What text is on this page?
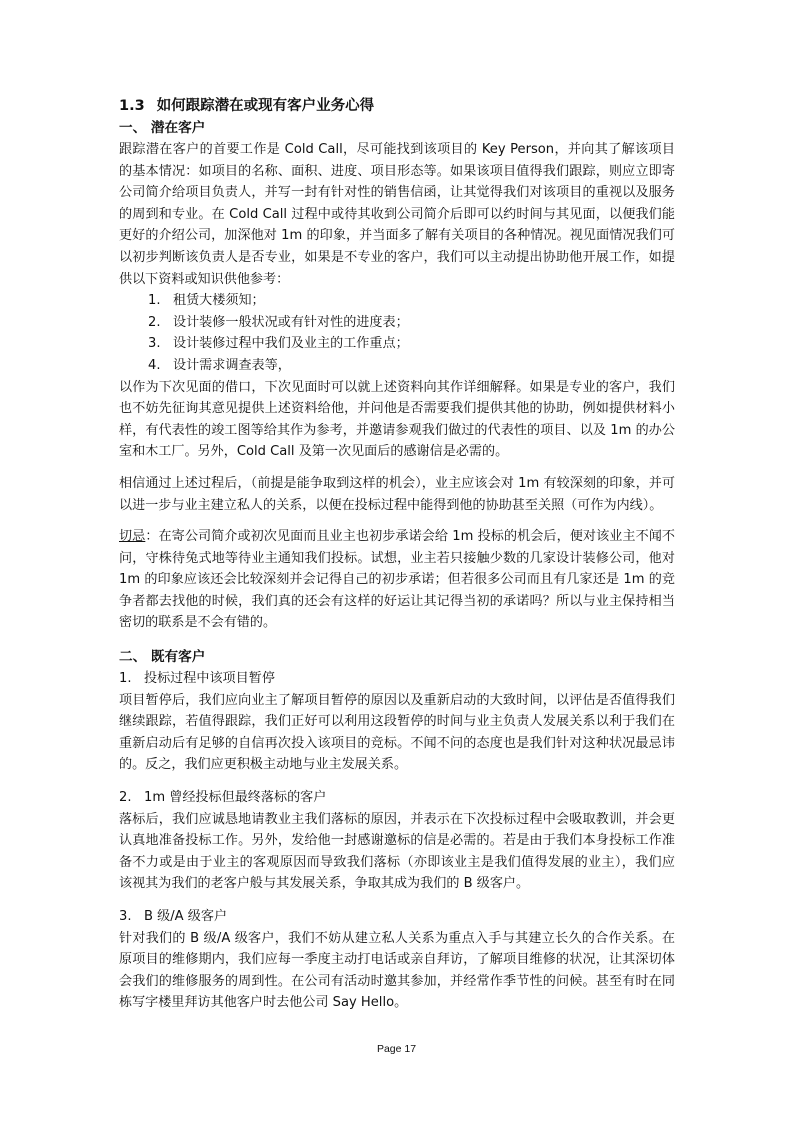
1.3 如何跟踪潜在或现有客户业务心得
一、 潜在客户

跟踪潜在客户的首要工作是 Cold Call，尽可能找到该项目的 Key Person，并向其了解该项目的基本情况：如项目的名称、面积、进度、项目形态等。如果该项目值得我们跟踪，则应立即寄公司简介给项目负责人，并写一封有针对性的销售信函，让其觉得我们对该项目的重视以及服务的周到和专业。在 Cold Call 过程中或待其收到公司简介后即可以约时间与其见面，以便我们能更好的介绍公司，加深他对 1m 的印象，并当面多了解有关项目的各种情况。视见面情况我们可以初步判断该负责人是否专业，如果是不专业的客户，我们可以主动提出协助他开展工作，如提供以下资料或知识供他参考：

1. 租赁大楼须知；
2. 设计装修一般状况或有针对性的进度表；
3. 设计装修过程中我们及业主的工作重点；
4. 设计需求调查表等，

以作为下次见面的借口，下次见面时可以就上述资料向其作详细解释。如果是专业的客户，我们也不妨先征询其意见提供上述资料给他，并问他是否需要我们提供其他的协助，例如提供材料小样，有代表性的竣工图等给其作为参考，并邀请参观我们做过的代表性的项目、以及 1m 的办公室和木工厂。另外，Cold Call 及第一次见面后的感谢信是必需的。

相信通过上述过程后，（前提是能争取到这样的机会），业主应该会对 1m 有较深刻的印象，并可以进一步与业主建立私人的关系，以便在投标过程中能得到他的协助甚至关照（可作为内线）。

切忌：在寄公司简介或初次见面而且业主也初步承诺会给 1m 投标的机会后，便对该业主不闻不问，守株待兔式地等待业主通知我们投标。试想，业主若只接触少数的几家设计装修公司，他对 1m 的印象应该还会比较深刻并会记得自己的初步承诺；但若很多公司而且有几家还是 1m 的竞争者都去找他的时候，我们真的还会有这样的好运让其记得当初的承诺吗？所以与业主保持相当密切的联系是不会有错的。

二、 既有客户

1. 投标过程中该项目暂停

项目暂停后，我们应向业主了解项目暂停的原因以及重新启动的大致时间，以评估是否值得我们继续跟踪，若值得跟踪，我们正好可以利用这段暂停的时间与业主负责人发展关系以利于我们在重新启动后有足够的自信再次投入该项目的竞标。不闻不问的态度也是我们针对这种状况最忌讳的。反之，我们应更积极主动地与业主发展关系。

2. 1m 曾经投标但最终落标的客户

落标后，我们应诚恳地请教业主我们落标的原因，并表示在下次投标过程中会吸取教训，并会更认真地准备投标工作。另外，发给他一封感谢邀标的信是必需的。若是由于我们本身投标工作准备不力或是由于业主的客观原因而导致我们落标（亦即该业主是我们值得发展的业主），我们应该视其为我们的老客户般与其发展关系，争取其成为我们的 B 级客户。

3. B 级/A 级客户

针对我们的 B 级/A 级客户，我们不妨从建立私人关系为重点入手与其建立长久的合作关系。在原项目的维修期内，我们应每一季度主动打电话或亲自拜访，了解项目维修的状况，让其深切体会我们的维修服务的周到性。在公司有活动时邀其参加，并经常作季节性的问候。甚至有时在同栋写字楼里拜访其他客户时去他公司 Say Hello。

Page 17
